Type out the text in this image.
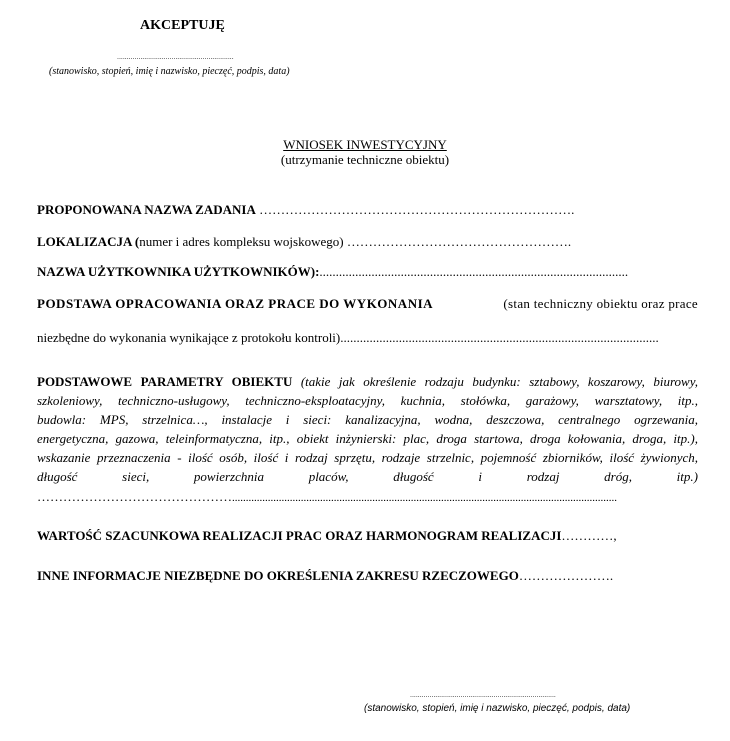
AKCEPTUJĘ
............................................................
(stanowisko, stopień, imię i nazwisko, pieczęć, podpis, data)
WNIOSEK INWESTYCYJNY
(utrzymanie techniczne obiektu)
PROPONOWANA NAZWA ZADANIA ……………………………………………………………….
LOKALIZACJA (numer i adres kompleksu wojskowego) …………………………………………….
NAZWA UŻYTKOWNIKA UŻYTKOWNIKÓW):...............................................................................................
PODSTAWA OPRACOWANIA ORAZ PRACE DO WYKONANIA	(stan techniczny obiektu oraz prace
niezbędne do wykonania wynikające z protokołu kontroli)..................................................................................................
PODSTAWOWE PARAMETRY OBIEKTU (takie jak określenie rodzaju budynku: sztabowy, koszarowy, biurowy,
szkoleniowy, techniczno-usługowy, techniczno-eksploatacyjny, kuchnia, stołówka, garażowy, warsztatowy, itp.,
budowla: MPS, strzelnica…, instalacje i sieci: kanalizacyjna, wodna, deszczowa, centralnego ogrzewania,
energetyczna, gazowa, teleinformatyczna, itp., obiekt inżynierski: plac, droga startowa, droga kołowania, droga, itp.),
wskazanie przeznaczenia - ilość osób, ilość i rodzaj sprzętu, rodzaje strzelnic, pojemność zbiorników, ilość żywionych,
długość sieci, powierzchnia placów, długość i rodzaj dróg, itp.)
………………………………………............................................................................................................................................
WARTOŚĆ SZACUNKOWA REALIZACJI PRAC ORAZ HARMONOGRAM REALIZACJI…………,
INNE INFORMACJE NIEZBĘDNE DO OKREŚLENIA ZAKRESU RZECZOWEGO………………….
...........................................................................
(stanowisko, stopień, imię i nazwisko, pieczęć, podpis, data)
